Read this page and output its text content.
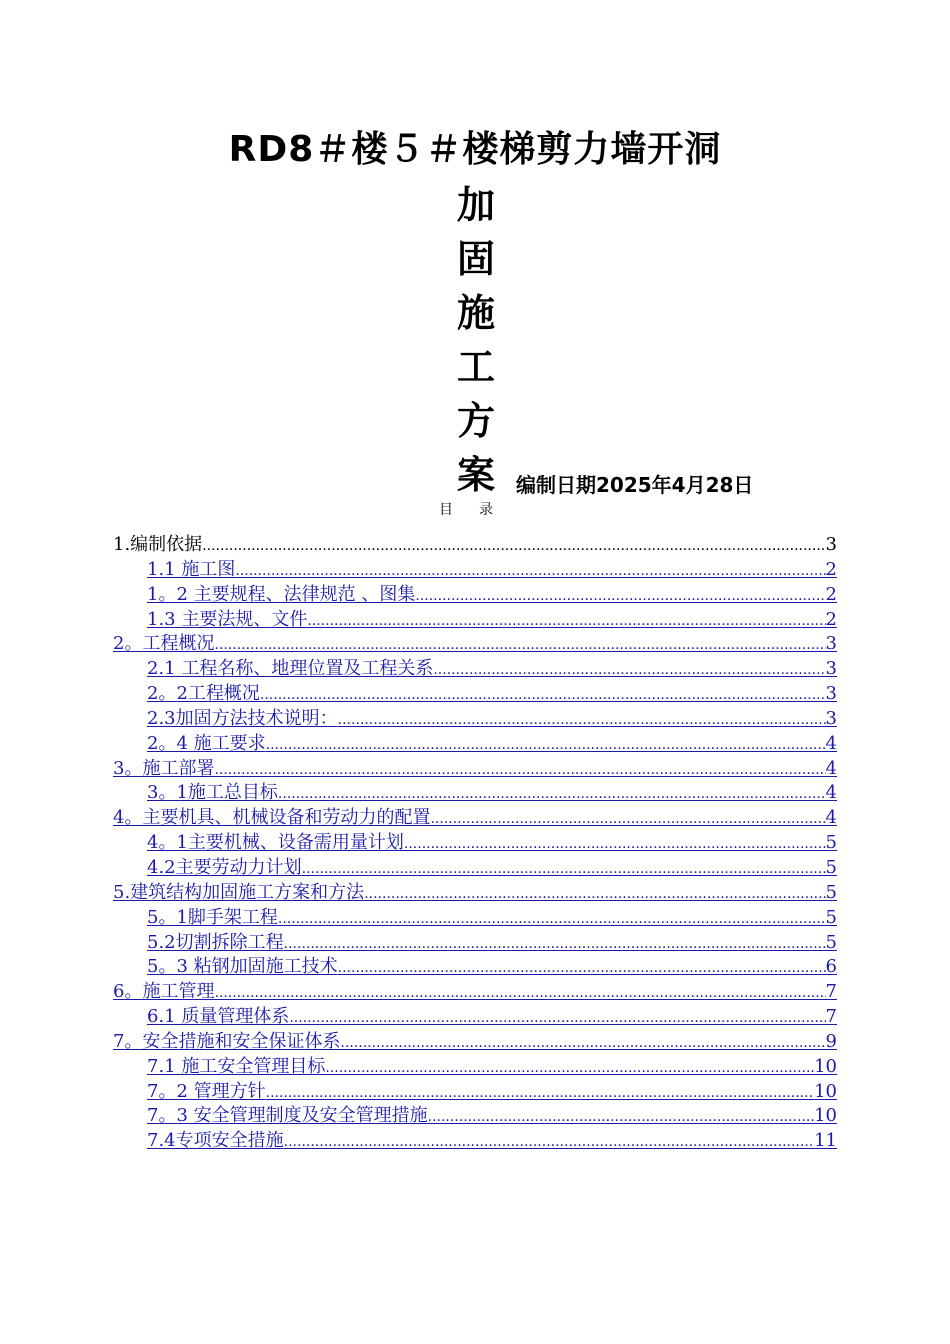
RD8＃楼５＃楼梯剪力墙开洞
加
固
施
工
方
案	编制日期2025年4月28日
目录
1.编制依据 .....	3
1.1 施工图 .....	2
1。2 主要规程、法律规范 、图集 .....	2
1.3 主要法规、文件 .....	2
2。工程概况 .....	3
2.1 工程名称、地理位置及工程关系 .....	3
2。2工程概况 .....	3
2.3加固方法技术说明： .....	3
2。4 施工要求 .....	4
3。施工部署 .....	4
3。1施工总目标 .....	4
4。主要机具、机械设备和劳动力的配置 .....	4
4。1主要机械、设备需用量计划 .....	5
4.2主要劳动力计划 .....	5
5.建筑结构加固施工方案和方法 .....	5
5。1脚手架工程 .....	5
5.2切割拆除工程 .....	5
5。3 粘钢加固施工技术 .....	6
6。施工管理 .....	7
6.1 质量管理体系 .....	7
7。安全措施和安全保证体系 .....	9
7.1 施工安全管理目标 .....	10
7。2 管理方针 .....	10
7。3 安全管理制度及安全管理措施 .....	10
7.4专项安全措施 .....	11
